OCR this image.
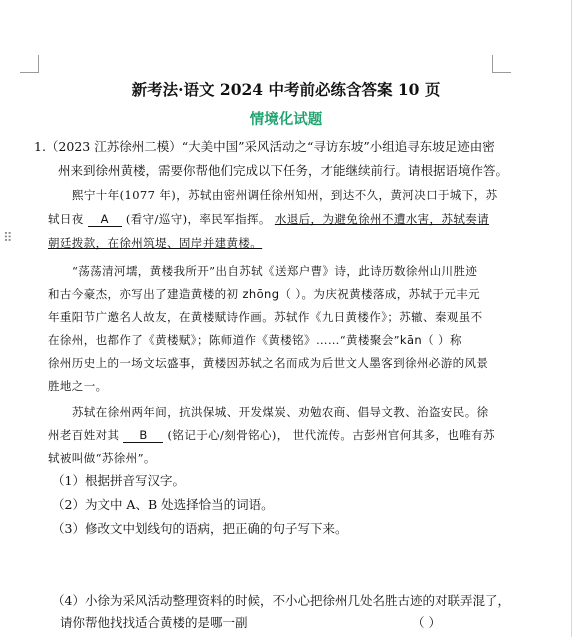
⠿
新考法·语文 2024 中考前必练含答案 10 页
情境化试题
1.（2023 江苏徐州二模）“大美中国”采风活动之“寻访东坡”小组追寻东坡足迹由密
州来到徐州黄楼，需要你帮他们完成以下任务，才能继续前行。请根据语境作答。
熙宁十年(1077 年)，苏轼由密州调任徐州知州，到达不久，黄河决口于城下，苏
轼日夜 A (看守/巡守)，率民军指挥。 水退后，为避免徐州不遭水害，苏轼奏请
朝廷拨款，在徐州筑堤、固岸并建黄楼。
“荡荡清河壖，黄楼我所开”出自苏轼《送郑户曹》诗，此诗历数徐州山川胜迹
和古今豪杰，亦写出了建造黄楼的初 zhōng（ ）。为庆祝黄楼落成，苏轼于元丰元
年重阳节广邀名人故友，在黄楼赋诗作画。苏轼作《九日黄楼作》；苏辙、秦观虽不
在徐州，也都作了《黄楼赋》；陈师道作《黄楼铭》……“黄楼聚会”kān（ ）称
徐州历史上的一场文坛盛事，黄楼因苏轼之名而成为后世文人墨客到徐州必游的风景
胜地之一。
苏轼在徐州两年间，抗洪保城、开发煤炭、劝勉农商、倡导文教、治盗安民。徐
州老百姓对其 B (铭记于心/刻骨铭心)， 世代流传。古彭州官何其多，也唯有苏
轼被叫做“苏徐州”。
（1）根据拼音写汉字。
（2）为文中 A、B 处选择恰当的词语。
（3）修改文中划线句的语病，把正确的句子写下来。
（4）小徐为采风活动整理资料的时候，不小心把徐州几处名胜古迹的对联弄混了，
请你帮他找找适合黄楼的是哪一副	（ ）
